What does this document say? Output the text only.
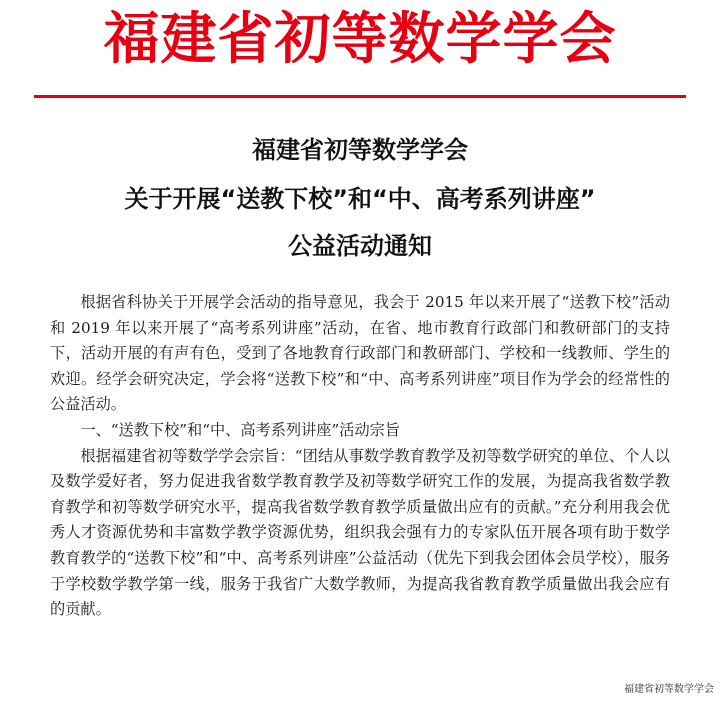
福建省初等数学学会
福建省初等数学学会
关于开展“送教下校”和“中、高考系列讲座”
公益活动通知

根据省科协关于开展学会活动的指导意见，我会于 2015 年以来开展了“送教下校”活动和 2019 年以来开展了“高考系列讲座”活动，在省、地市教育行政部门和教研部门的支持下，活动开展的有声有色，受到了各地教育行政部门和教研部门、学校和一线教师、学生的欢迎。经学会研究决定，学会将“送教下校”和“中、高考系列讲座”项目作为学会的经常性的公益活动。

一、“送教下校”和“中、高考系列讲座”活动宗旨

根据福建省初等数学学会宗旨：“团结从事数学教育教学及初等数学研究的单位、个人以及数学爱好者，努力促进我省数学教育教学及初等数学研究工作的发展，为提高我省数学教育教学和初等数学研究水平，提高我省数学教育教学质量做出应有的贡献。”充分利用我会优秀人才资源优势和丰富数学教学资源优势，组织我会强有力的专家队伍开展各项有助于数学教育教学的“送教下校”和“中、高考系列讲座”公益活动（优先下到我会团体会员学校），服务于学校数学教学第一线，服务于我省广大数学教师，为提高我省教育教学质量做出我会应有的贡献。

福建省初等数学学会
